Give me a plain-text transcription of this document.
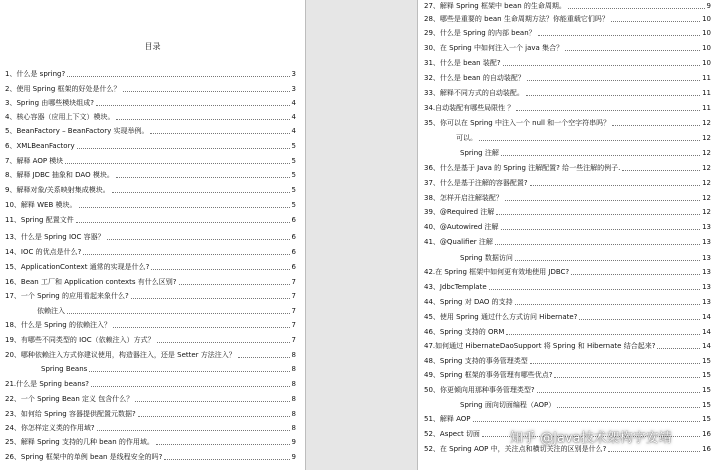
目录
1、什么是 spring?	3
2、使用 Spring 框架的好处是什么？	3
3、Spring 由哪些模块组成?	4
4、核心容器（应用上下文）模块。	4
5、BeanFactory – BeanFactory 实现举例。	4
6、XMLBeanFactory	5
7、解释 AOP 模块	5
8、解释 JDBC 抽象和 DAO 模块。	5
9、解释对象/关系映射集成模块。	5
10、解释 WEB 模块。	5
11、Spring 配置文件	6
13、什么是 Spring IOC 容器？	6
14、IOC 的优点是什么?	6
15、ApplicationContext 通常的实现是什么?	6
16、Bean 工厂和 Application contexts 有什么区别?	7
17、一个 Spring 的应用看起来象什么?	7
依赖注入	7
18、什么是 Spring 的依赖注入？	7
19、有哪些不同类型的 IOC（依赖注入）方式？	7
20、哪种依赖注入方式你建议使用，构造器注入，还是 Setter 方法注入？	8
Spring Beans	8
21.什么是 Spring beans?	8
22、一个 Spring Bean 定义 包含什么？	8
23、如何给 Spring 容器提供配置元数据?	8
24、你怎样定义类的作用域?	8
25、解释 Spring 支持的几种 bean 的作用域。	9
26、Spring 框架中的单例 bean 是线程安全的吗?	9
27、解释 Spring 框架中 bean 的生命周期。	9
28、哪些是重要的 bean 生命周期方法？你能重载它们吗？	10
29、什么是 Spring 的内部 bean？	10
30、在 Spring 中如何注入一个 java 集合？	10
31、什么是 bean 装配?	10
32、什么是 bean 的自动装配？	11
33、解释不同方式的自动装配。	11
34.自动装配有哪些局限性 ？	11
35、你可以在 Spring 中注入一个 null 和一个空字符串吗？	12
可以。	12
Spring 注解	12
36、什么是基于 Java 的 Spring 注解配置? 给一些注解的例子.	12
37、什么是基于注解的容器配置?	12
38、怎样开启注解装配？	12
39、@Required 注解	12
40、@Autowired 注解	13
41、@Qualifier 注解	13
Spring 数据访问	13
42.在 Spring 框架中如何更有效地使用 JDBC?	13
43、JdbcTemplate	13
44、Spring 对 DAO 的支持	13
45、使用 Spring 通过什么方式访问 Hibernate?	14
46、Spring 支持的 ORM	14
47.如何通过 HibernateDaoSupport 将 Spring 和 Hibernate 结合起来?	14
48、Spring 支持的事务管理类型	15
49、Spring 框架的事务管理有哪些优点?	15
50、你更倾向用那种事务管理类型?	15
Spring 面向切面编程（AOP）	15
51、解释 AOP	15
52、Aspect 切面	16
52、在 Spring AOP 中，关注点和横切关注的区别是什么?	16
知乎 @Java技术架构字安靖
